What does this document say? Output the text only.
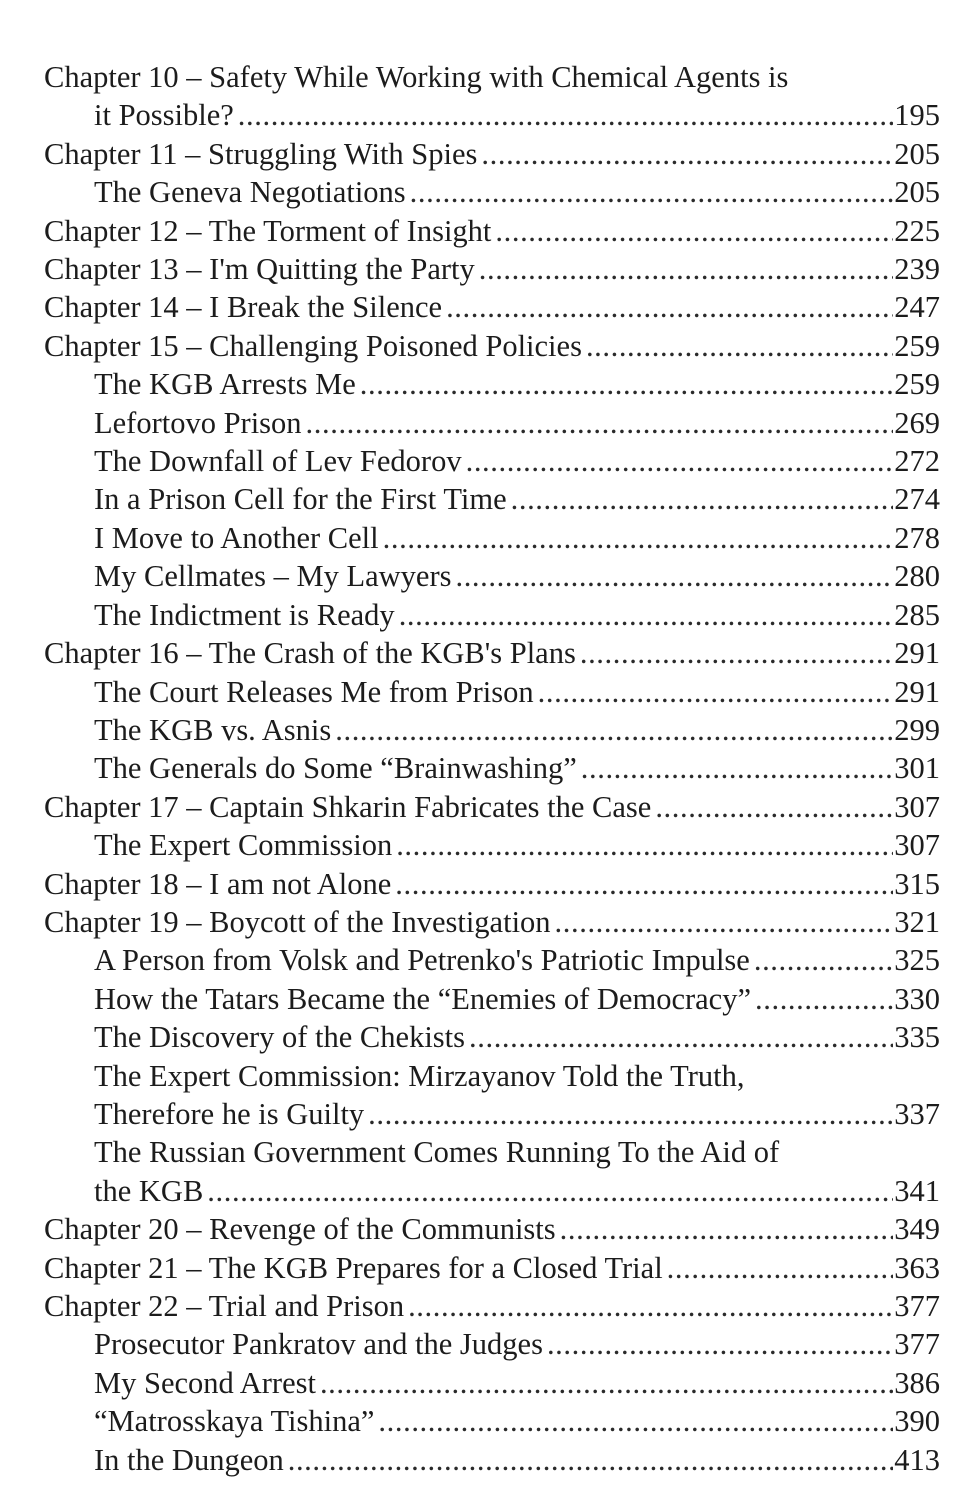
Chapter 10 – Safety While Working with Chemical Agents is
it Possible? .....	195
Chapter 11 – Struggling With Spies .....	205
The Geneva Negotiations .....	205
Chapter 12 – The Torment of Insight .....	225
Chapter 13 – I'm Quitting the Party .....	239
Chapter 14 – I Break the Silence .....	247
Chapter 15 – Challenging Poisoned Policies .....	259
The KGB Arrests Me .....	259
Lefortovo Prison .....	269
The Downfall of Lev Fedorov .....	272
In a Prison Cell for the First Time .....	274
I Move to Another Cell .....	278
My Cellmates – My Lawyers .....	280
The Indictment is Ready .....	285
Chapter 16 – The Crash of the KGB's Plans .....	291
The Court Releases Me from Prison .....	291
The KGB vs. Asnis .....	299
The Generals do Some “Brainwashing” .....	301
Chapter 17 – Captain Shkarin Fabricates the Case .....	307
The Expert Commission .....	307
Chapter 18 – I am not Alone .....	315
Chapter 19 – Boycott of the Investigation .....	321
A Person from Volsk and Petrenko's Patriotic Impulse .....	325
How the Tatars Became the “Enemies of Democracy” .....	330
The Discovery of the Chekists .....	335
The Expert Commission: Mirzayanov Told the Truth,
Therefore he is Guilty .....	337
The Russian Government Comes Running To the Aid of
the KGB .....	341
Chapter 20 – Revenge of the Communists .....	349
Chapter 21 – The KGB Prepares for a Closed Trial .....	363
Chapter 22 – Trial and Prison .....	377
Prosecutor Pankratov and the Judges .....	377
My Second Arrest .....	386
“Matrosskaya Tishina” .....	390
In the Dungeon .....	413
